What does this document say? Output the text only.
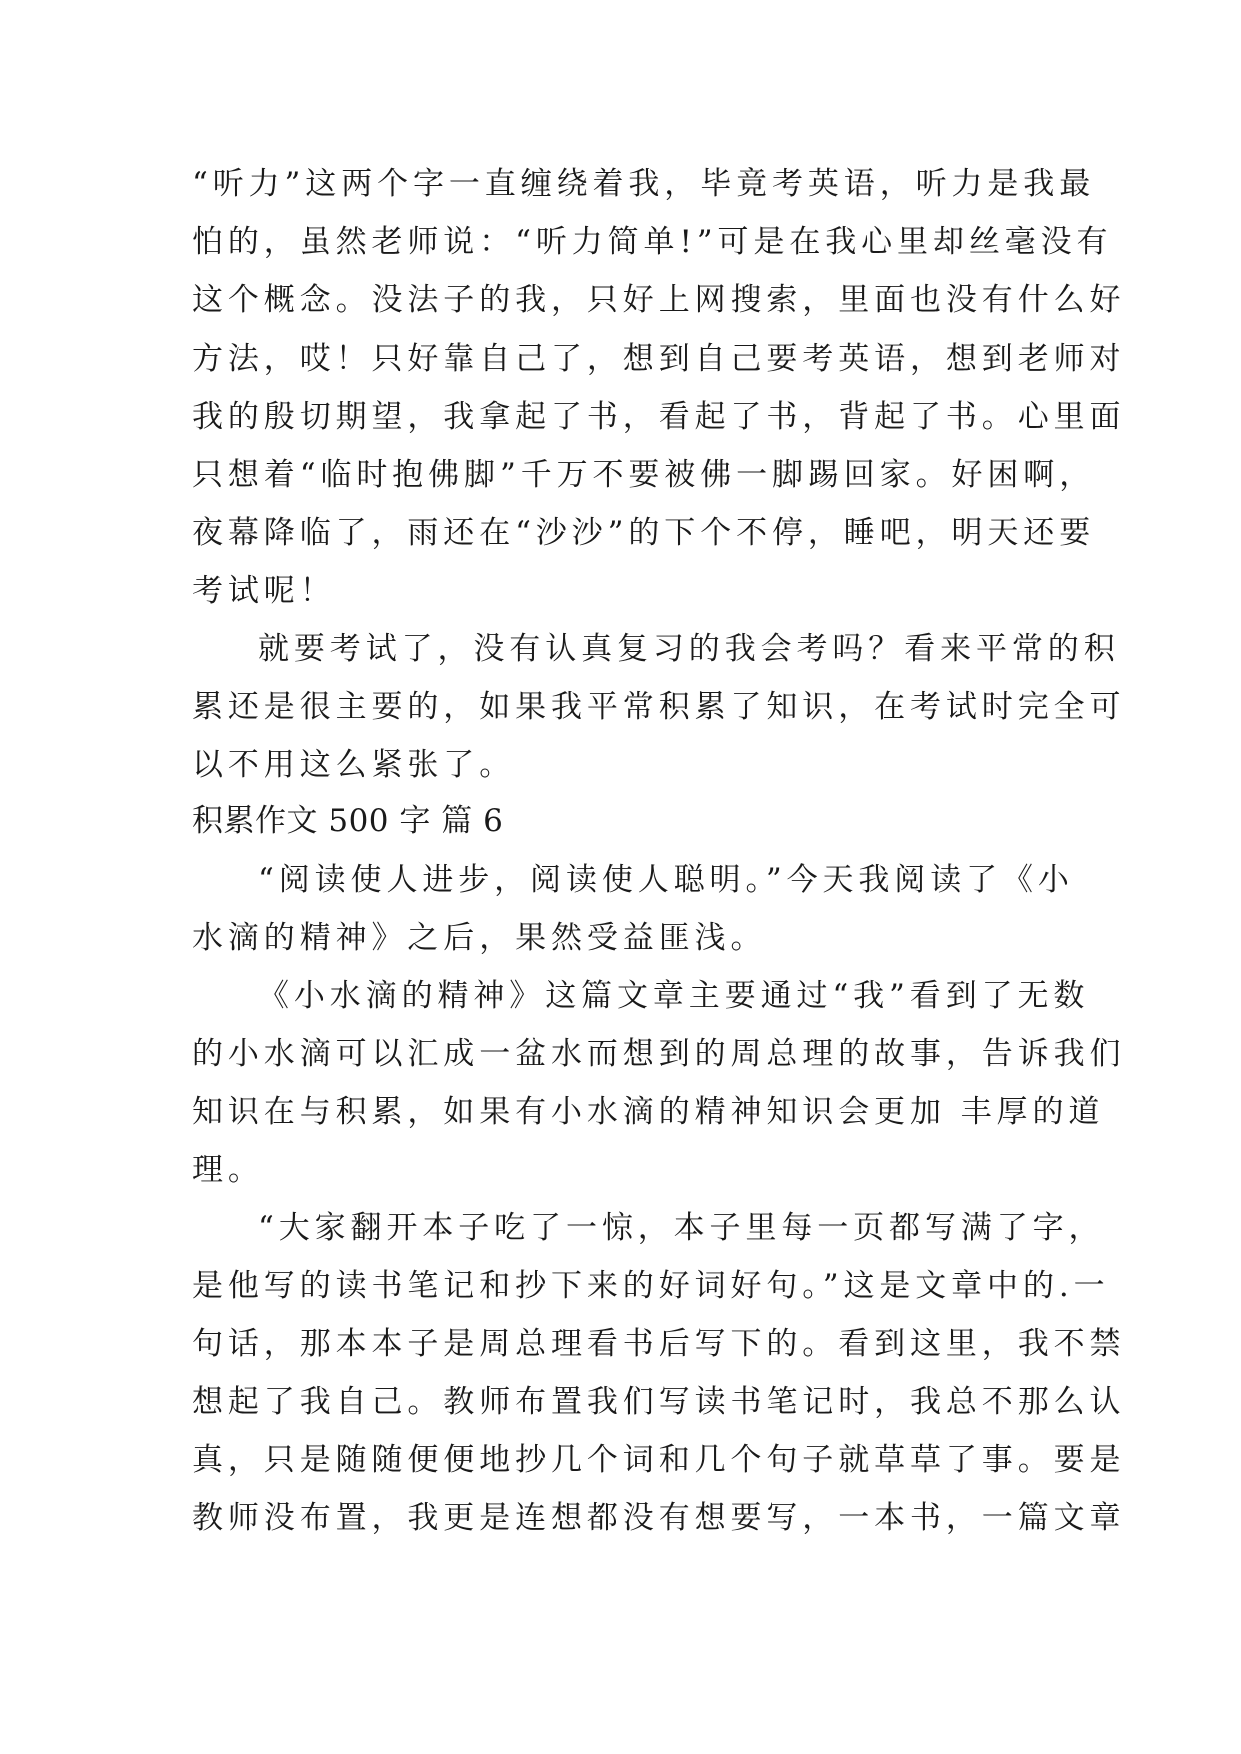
“听力”这两个字一直缠绕着我，毕竟考英语，听力是我最
怕的，虽然老师说：“听力简单!”可是在我心里却丝毫没有
这个概念。没法子的我，只好上网搜索，里面也没有什么好
方法，哎！只好靠自己了，想到自己要考英语，想到老师对
我的殷切期望，我拿起了书，看起了书，背起了书。心里面
只想着“临时抱佛脚”千万不要被佛一脚踢回家。好困啊，
夜幕降临了，雨还在“沙沙”的下个不停，睡吧，明天还要
考试呢！
就要考试了，没有认真复习的我会考吗？看来平常的积
累还是很主要的，如果我平常积累了知识，在考试时完全可
以不用这么紧张了。
积累作文 500 字 篇 6
“阅读使人进步，阅读使人聪明。”今天我阅读了《小
水滴的精神》之后，果然受益匪浅。
《小水滴的精神》这篇文章主要通过“我”看到了无数
的小水滴可以汇成一盆水而想到的周总理的故事，告诉我们
知识在与积累，如果有小水滴的精神知识会更加 丰厚的道
理。
“大家翻开本子吃了一惊，本子里每一页都写满了字，
是他写的读书笔记和抄下来的好词好句。”这是文章中的.一
句话，那本本子是周总理看书后写下的。看到这里，我不禁
想起了我自己。教师布置我们写读书笔记时，我总不那么认
真，只是随随便便地抄几个词和几个句子就草草了事。要是
教师没布置，我更是连想都没有想要写，一本书，一篇文章
